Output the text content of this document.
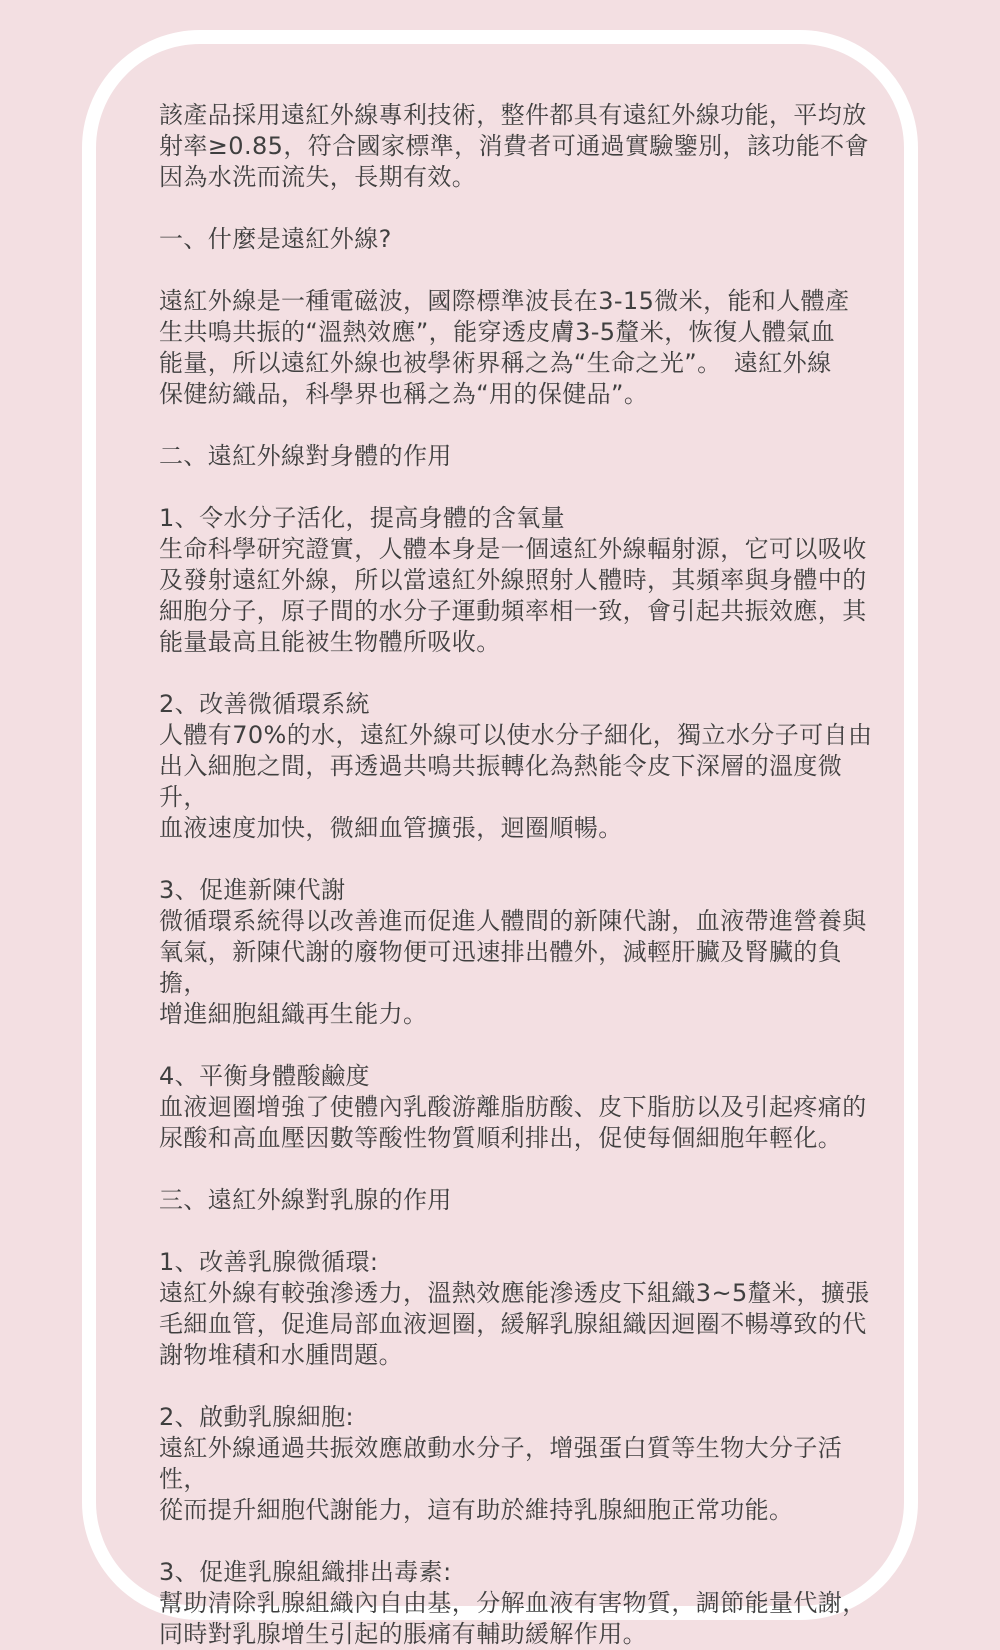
該產品採用遠紅外線專利技術，整件都具有遠紅外線功能，平均放

射率≥0.85，符合國家標準，消費者可通過實驗鑒別，該功能不會

因為水洗而流失，長期有效。

一、什麼是遠紅外線?

遠紅外線是一種電磁波，國際標準波長在3-15微米，能和人體產

生共鳴共振的“溫熱效應”，能穿透皮膚3-5釐米，恢復人體氣血

能量，所以遠紅外線也被學術界稱之為“生命之光”。　遠紅外線

保健紡織品，科學界也稱之為“用的保健品”。

二、遠紅外線對身體的作用

1、令水分子活化，提高身體的含氧量

生命科學研究證實，人體本身是一個遠紅外線輻射源，它可以吸收

及發射遠紅外線，所以當遠紅外線照射人體時，其頻率與身體中的

細胞分子，原子間的水分子運動頻率相一致，會引起共振效應，其

能量最高且能被生物體所吸收。

2、改善微循環系統

人體有70%的水，遠紅外線可以使水分子細化，獨立水分子可自由

出入細胞之間，再透過共鳴共振轉化為熱能令皮下深層的溫度微升，

血液速度加快，微細血管擴張，迴圈順暢。

3、促進新陳代謝

微循環系統得以改善進而促進人體間的新陳代謝，血液帶進營養與

氧氣，新陳代謝的廢物便可迅速排出體外，減輕肝臟及腎臟的負擔，

增進細胞組織再生能力。

4、平衡身體酸鹼度

血液迴圈增強了使體內乳酸游離脂肪酸、皮下脂肪以及引起疼痛的

尿酸和高血壓因數等酸性物質順利排出，促使每個細胞年輕化。

三、遠紅外線對乳腺的作用

1、改善乳腺微循環:

遠紅外線有較強滲透力，溫熱效應能滲透皮下組織3~5釐米，擴張

毛細血管，促進局部血液迴圈，緩解乳腺組織因迴圈不暢導致的代

謝物堆積和水腫問題。

2、啟動乳腺細胞:

遠紅外線通過共振效應啟動水分子，增强蛋白質等生物大分子活性，

從而提升細胞代謝能力，這有助於維持乳腺細胞正常功能。

3、促進乳腺組織排出毒素:

幫助清除乳腺組織內自由基，分解血液有害物質，調節能量代謝，

同時對乳腺增生引起的脹痛有輔助緩解作用。
